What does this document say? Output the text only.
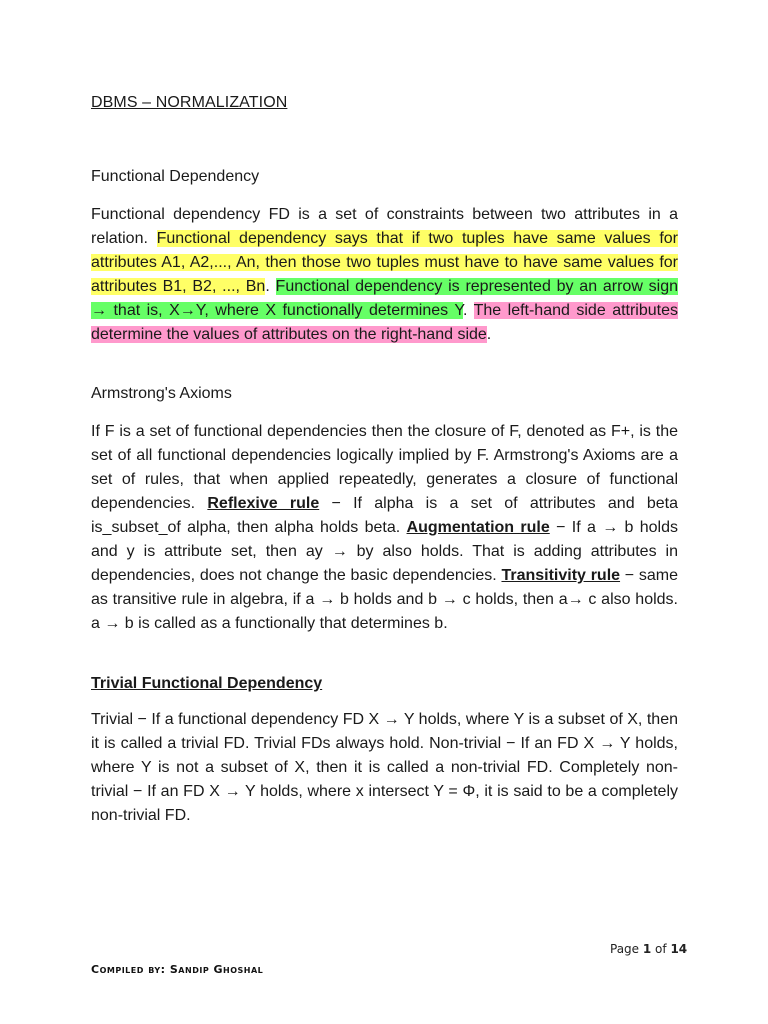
DBMS – NORMALIZATION
Functional Dependency

Functional dependency FD is a set of constraints between two attributes in a relation. Functional dependency says that if two tuples have same values for attributes A1, A2,..., An, then those two tuples must have to have same values for attributes B1, B2, ..., Bn. Functional dependency is represented by an arrow sign → that is, X→Y, where X functionally determines Y. The left-hand side attributes determine the values of attributes on the right-hand side.

Armstrong's Axioms

If F is a set of functional dependencies then the closure of F, denoted as F+, is the set of all functional dependencies logically implied by F. Armstrong's Axioms are a set of rules, that when applied repeatedly, generates a closure of functional dependencies. Reflexive rule − If alpha is a set of attributes and beta is_subset_of alpha, then alpha holds beta. Augmentation rule − If a → b holds and y is attribute set, then ay → by also holds. That is adding attributes in dependencies, does not change the basic dependencies. Transitivity rule − same as transitive rule in algebra, if a → b holds and b → c holds, then a→ c also holds. a → b is called as a functionally that determines b.

Trivial Functional Dependency

Trivial − If a functional dependency FD X → Y holds, where Y is a subset of X, then it is called a trivial FD. Trivial FDs always hold. Non-trivial − If an FD X → Y holds, where Y is not a subset of X, then it is called a non-trivial FD. Completely non-trivial − If an FD X → Y holds, where x intersect Y = Φ, it is said to be a completely non-trivial FD.

Page 1 of 14
Compiled by: Sandip Ghoshal
